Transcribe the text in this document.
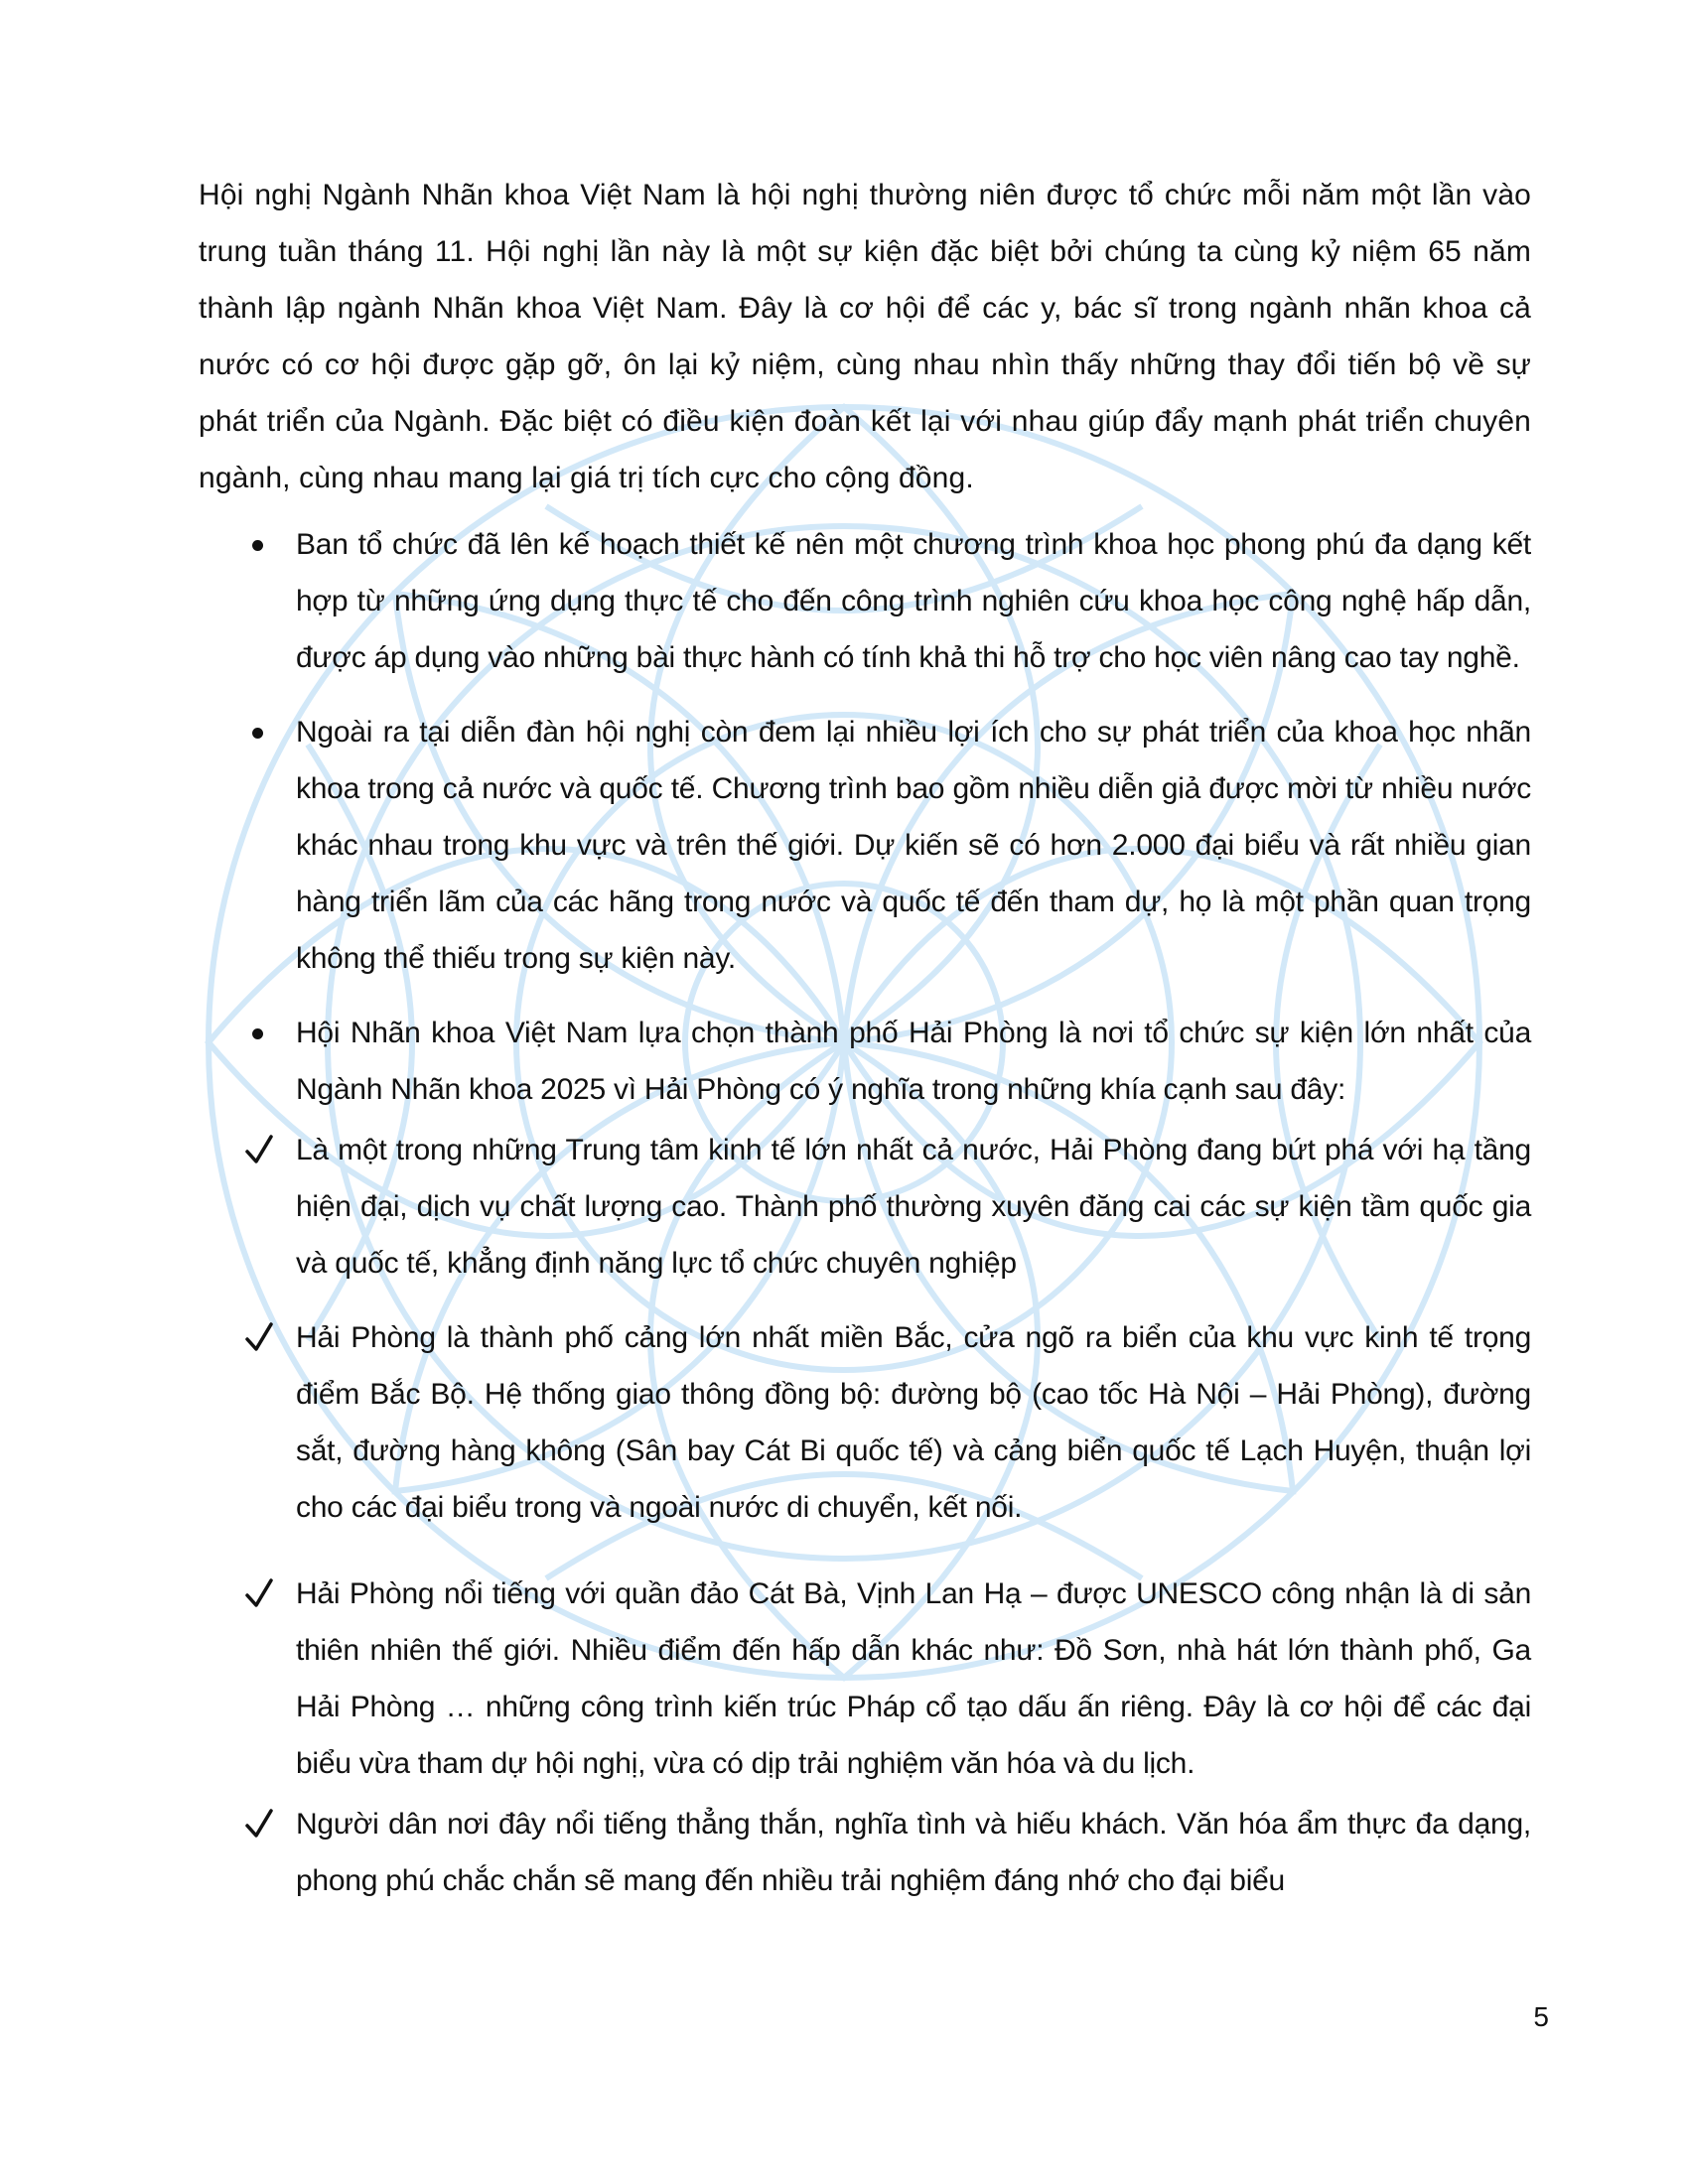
Hội nghị Ngành Nhãn khoa Việt Nam là hội nghị thường niên được tổ chức mỗi năm một lần vào trung tuần tháng 11. Hội nghị lần này là một sự kiện đặc biệt bởi chúng ta cùng kỷ niệm 65 năm thành lập ngành Nhãn khoa Việt Nam. Đây là cơ hội để các y, bác sĩ trong ngành nhãn khoa cả nước có cơ hội được gặp gỡ, ôn lại kỷ niệm, cùng nhau nhìn thấy những thay đổi tiến bộ về sự phát triển của Ngành. Đặc biệt có điều kiện đoàn kết lại với nhau giúp đẩy mạnh phát triển chuyên ngành, cùng nhau mang lại giá trị tích cực cho cộng đồng.

Ban tổ chức đã lên kế hoạch thiết kế nên một chương trình khoa học phong phú đa dạng kết hợp từ những ứng dụng thực tế cho đến công trình nghiên cứu khoa học công nghệ hấp dẫn, được áp dụng vào những bài thực hành có tính khả thi hỗ trợ cho học viên nâng cao tay nghề.
Ngoài ra tại diễn đàn hội nghị còn đem lại nhiều lợi ích cho sự phát triển của khoa học nhãn khoa trong cả nước và quốc tế. Chương trình bao gồm nhiều diễn giả được mời từ nhiều nước khác nhau trong khu vực và trên thế giới. Dự kiến sẽ có hơn 2.000 đại biểu và rất nhiều gian hàng triển lãm của các hãng trong nước và quốc tế đến tham dự, họ là một phần quan trọng không thể thiếu trong sự kiện này.
Hội Nhãn khoa Việt Nam lựa chọn thành phố Hải Phòng là nơi tổ chức sự kiện lớn nhất của Ngành Nhãn khoa 2025 vì Hải Phòng có ý nghĩa trong những khía cạnh sau đây:
Là một trong những Trung tâm kinh tế lớn nhất cả nước, Hải Phòng đang bứt phá với hạ tầng hiện đại, dịch vụ chất lượng cao. Thành phố thường xuyên đăng cai các sự kiện tầm quốc gia và quốc tế, khẳng định năng lực tổ chức chuyên nghiệp
Hải Phòng là thành phố cảng lớn nhất miền Bắc, cửa ngõ ra biển của khu vực kinh tế trọng điểm Bắc Bộ. Hệ thống giao thông đồng bộ: đường bộ (cao tốc Hà Nội – Hải Phòng), đường sắt, đường hàng không (Sân bay Cát Bi quốc tế) và cảng biển quốc tế Lạch Huyện, thuận lợi cho các đại biểu trong và ngoài nước di chuyển, kết nối.
Hải Phòng nổi tiếng với quần đảo Cát Bà, Vịnh Lan Hạ – được UNESCO công nhận là di sản thiên nhiên thế giới. Nhiều điểm đến hấp dẫn khác như: Đồ Sơn, nhà hát lớn thành phố, Ga Hải Phòng … những công trình kiến trúc Pháp cổ tạo dấu ấn riêng. Đây là cơ hội để các đại biểu vừa tham dự hội nghị, vừa có dịp trải nghiệm văn hóa và du lịch.
Người dân nơi đây nổi tiếng thẳng thắn, nghĩa tình và hiếu khách. Văn hóa ẩm thực đa dạng, phong phú chắc chắn sẽ mang đến nhiều trải nghiệm đáng nhớ cho đại biểu
5
